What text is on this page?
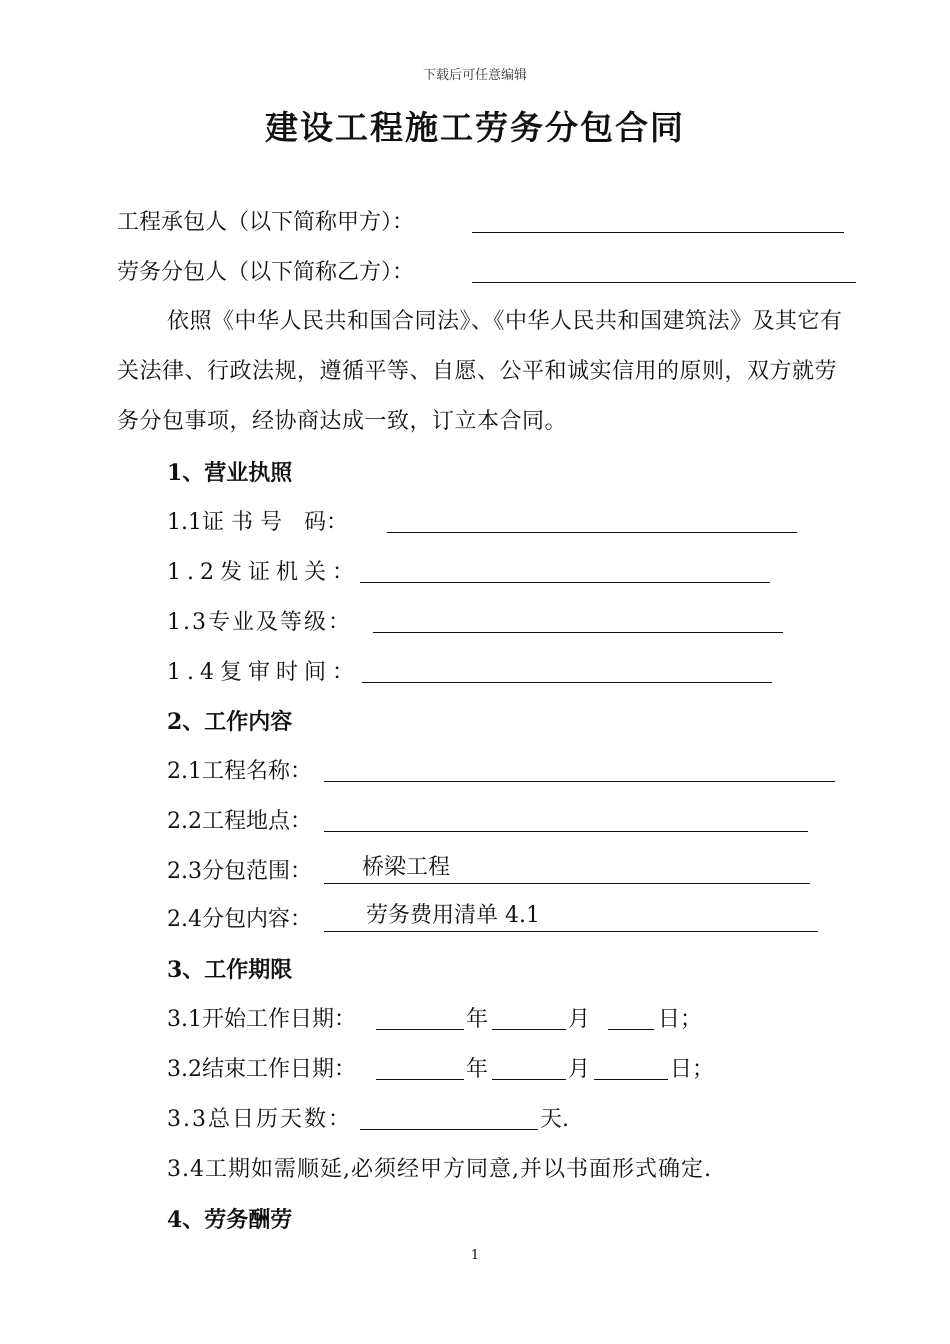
下载后可任意编辑
建设工程施工劳务分包合同
工程承包人（以下简称甲方）：
劳务分包人（以下简称乙方）：
依照《中华人民共和国合同法》、《中华人民共和国建筑法》及其它有关法律、行政法规，遵循平等、自愿、公平和诚实信用的原则，双方就劳务分包事项，经协商达成一致，订立本合同。
1、营业执照
1.1证 书 号　码：
1.2发证机关：
1.3专业及等级：
1.4复审时间：
2、工作内容
2.1工程名称：
2.2工程地点：
2.3分包范围： 桥梁工程
2.4分包内容： 劳务费用清单 4.1
3、工作期限
3.1开始工作日期：	年	月	日；
3.2结束工作日期：	年	月	日；
3.3总日历天数：	天.
3.4工期如需顺延,必须经甲方同意,并以书面形式确定.
4、劳务酬劳
1
